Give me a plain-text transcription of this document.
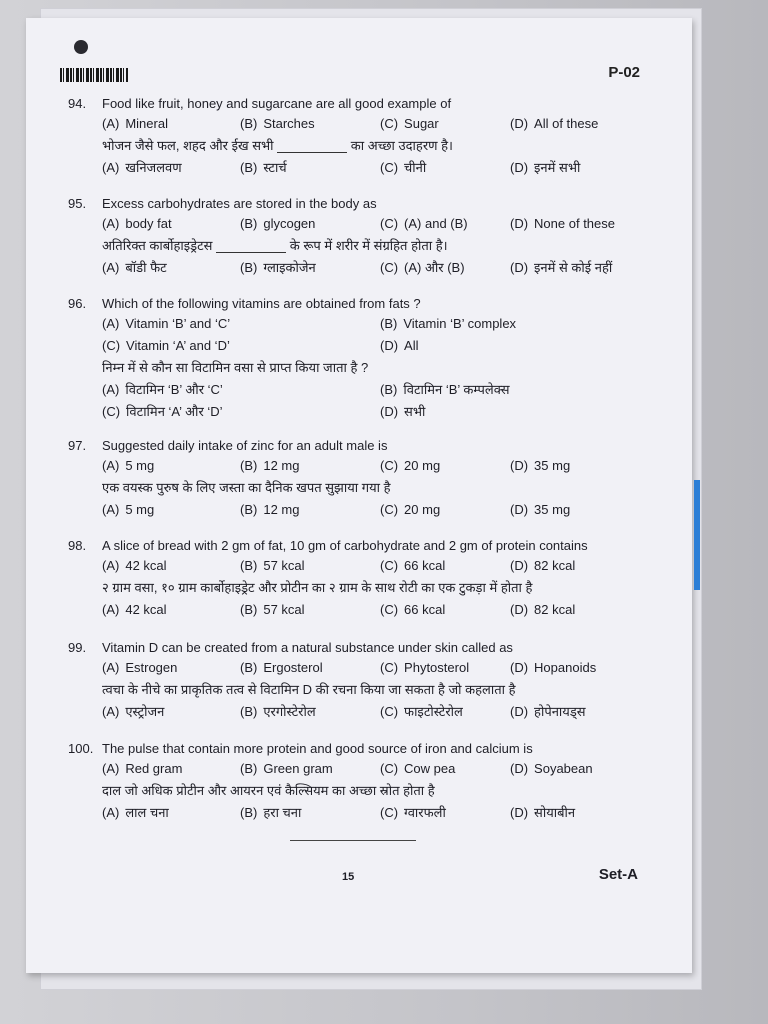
P-02
94.	Food like fruit, honey and sugarcane are all good example of
(A) Mineral	(B) Starches	(C) Sugar	(D) All of these
भोजन जैसे फल, शहद और ईख सभी	का अच्छा उदाहरण है।
(A) खनिजलवण	(B) स्टार्च	(C) चीनी	(D) इनमें सभी
95.	Excess carbohydrates are stored in the body as
(A) body fat	(B) glycogen	(C) (A) and (B)	(D) None of these
अतिरिक्त कार्बोहाइड्रेटस	के रूप में शरीर में संग्रहित होता है।
(A) बॉडी फैट	(B) ग्लाइकोजेन	(C) (A) और (B)	(D) इनमें से कोई नहीं
96.	Which of the following vitamins are obtained from fats ?
(A) Vitamin ‘B’ and ‘C’	(B) Vitamin ‘B’ complex
(C) Vitamin ‘A’ and ‘D’	(D) All
निम्न में से कौन सा विटामिन वसा से प्राप्त किया जाता है ?
(A) विटामिन ‘B’ और ‘C’	(B) विटामिन ‘B’ कम्पलेक्स
(C) विटामिन ‘A’ और ‘D’	(D) सभी
97.	Suggested daily intake of zinc for an adult male is
(A) 5 mg	(B) 12 mg	(C) 20 mg	(D) 35 mg
एक वयस्क पुरुष के लिए जस्ता का दैनिक खपत सुझाया गया है
(A) 5 mg	(B) 12 mg	(C) 20 mg	(D) 35 mg
98.	A slice of bread with 2 gm of fat, 10 gm of carbohydrate and 2 gm of protein contains
(A) 42 kcal	(B) 57 kcal	(C) 66 kcal	(D) 82 kcal
२ ग्राम वसा, १० ग्राम कार्बोहाइड्रेट और प्रोटीन का २ ग्राम के साथ रोटी का एक टुकड़ा में होता है
(A) 42 kcal	(B) 57 kcal	(C) 66 kcal	(D) 82 kcal
99.	Vitamin D can be created from a natural substance under skin called as
(A) Estrogen	(B) Ergosterol	(C) Phytosterol	(D) Hopanoids
त्वचा के नीचे का प्राकृतिक तत्व से विटामिन D की रचना किया जा सकता है जो कहलाता है
(A) एस्ट्रोजन	(B) एरगोस्टेरोल	(C) फाइटोस्टेरोल	(D) होपेनायड्स
100. The pulse that contain more protein and good source of iron and calcium is
(A) Red gram	(B) Green gram	(C) Cow pea	(D) Soyabean
दाल जो अधिक प्रोटीन और आयरन एवं कैल्सियम का अच्छा स्रोत होता है
(A) लाल चना	(B) हरा चना	(C) ग्वारफली	(D) सोयाबीन
15	Set-A
